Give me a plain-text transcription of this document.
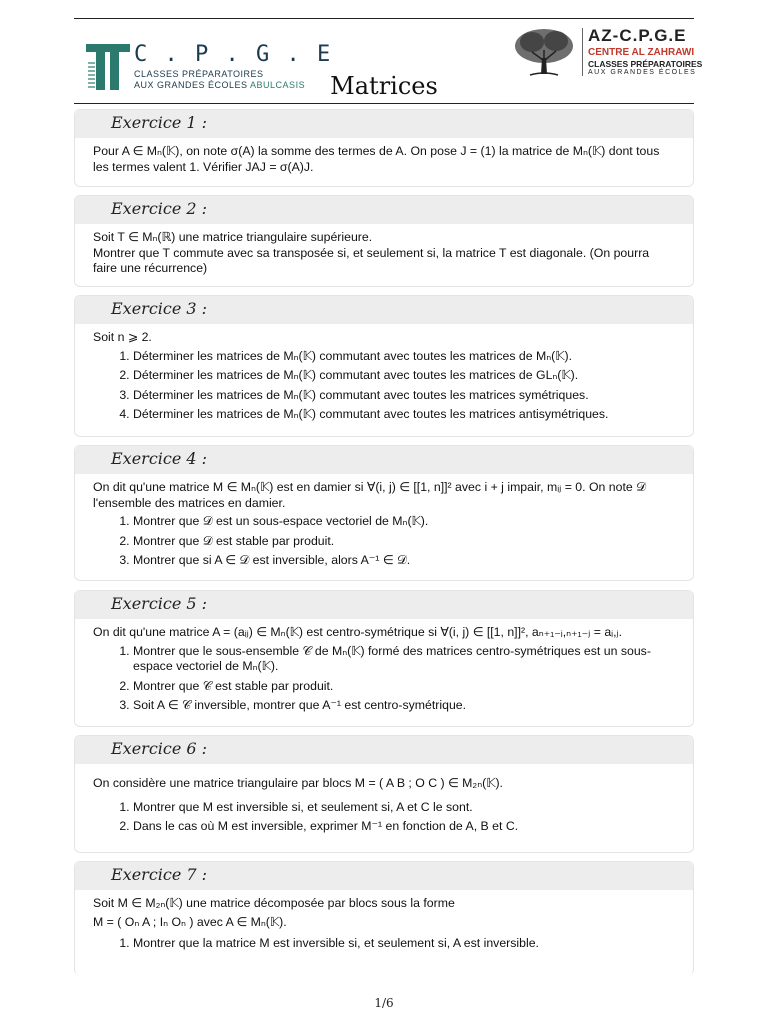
C . P . G . E
CLASSES PRÉPARATOIRES
AUX GRANDES ÉCOLES ABULCASIS
AZ-C.P.G.E
CENTRE AL ZAHRAWI
CLASSES PRÉPARATOIRES
AUX GRANDES ÉCOLES
Matrices
Exercice 1 :

Pour A ∈ Mₙ(𝕂), on note σ(A) la somme des termes de A. On pose J = (1) la matrice de Mₙ(𝕂) dont tous les termes valent 1. Vérifier JAJ = σ(A)J.

Exercice 2 :

Soit T ∈ Mₙ(ℝ) une matrice triangulaire supérieure.

Montrer que T commute avec sa transposée si, et seulement si, la matrice T est diagonale. (On pourra faire une récurrence)

Exercice 3 :

Soit n ⩾ 2.

1. Déterminer les matrices de Mₙ(𝕂) commutant avec toutes les matrices de Mₙ(𝕂).
2. Déterminer les matrices de Mₙ(𝕂) commutant avec toutes les matrices de GLₙ(𝕂).
3. Déterminer les matrices de Mₙ(𝕂) commutant avec toutes les matrices symétriques.
4. Déterminer les matrices de Mₙ(𝕂) commutant avec toutes les matrices antisymétriques.
Exercice 4 :

On dit qu'une matrice M ∈ Mₙ(𝕂) est en damier si ∀(i, j) ∈ [[1, n]]² avec i + j impair, mᵢⱼ = 0. On note 𝒟 l'ensemble des matrices en damier.

1. Montrer que 𝒟 est un sous-espace vectoriel de Mₙ(𝕂).
2. Montrer que 𝒟 est stable par produit.
3. Montrer que si A ∈ 𝒟 est inversible, alors A⁻¹ ∈ 𝒟.
Exercice 5 :

On dit qu'une matrice A = (aᵢⱼ) ∈ Mₙ(𝕂) est centro-symétrique si ∀(i, j) ∈ [[1, n]]², aₙ₊₁₋ᵢ,ₙ₊₁₋ⱼ = aᵢ,ⱼ.

1. Montrer que le sous-ensemble 𝒞 de Mₙ(𝕂) formé des matrices centro-symétriques est un sous-espace vectoriel de Mₙ(𝕂).
2. Montrer que 𝒞 est stable par produit.
3. Soit A ∈ 𝒞 inversible, montrer que A⁻¹ est centro-symétrique.
Exercice 6 :

On considère une matrice triangulaire par blocs M = ( A B ; O C ) ∈ M₂ₙ(𝕂).

1. Montrer que M est inversible si, et seulement si, A et C le sont.
2. Dans le cas où M est inversible, exprimer M⁻¹ en fonction de A, B et C.
Exercice 7 :

Soit M ∈ M₂ₙ(𝕂) une matrice décomposée par blocs sous la forme

M = ( Oₙ A ; Iₙ Oₙ ) avec A ∈ Mₙ(𝕂).

1. Montrer que la matrice M est inversible si, et seulement si, A est inversible.
1/6
